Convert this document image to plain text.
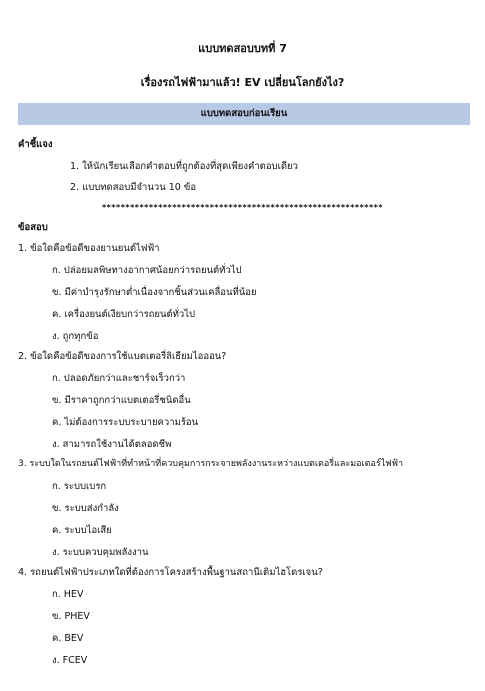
แบบทดสอบบทที่ 7
เรื่องรถไฟฟ้ามาแล้ว! EV เปลี่ยนโลกยังไง?
แบบทดสอบก่อนเรียน
คำชี้แจง
1. ให้นักเรียนเลือกคำตอบที่ถูกต้องที่สุดเพียงคำตอบเดียว
2. แบบทดสอบมีจำนวน 10 ข้อ
************************************************************
ข้อสอบ
1. ข้อใดคือข้อดีของยานยนต์ไฟฟ้า
ก. ปล่อยมลพิษทางอากาศน้อยกว่ารถยนต์ทั่วไป
ข. มีค่าบำรุงรักษาต่ำเนื่องจากชิ้นส่วนเคลื่อนที่น้อย
ค. เครื่องยนต์เงียบกว่ารถยนต์ทั่วไป
ง. ถูกทุกข้อ
2. ข้อใดคือข้อดีของการใช้แบตเตอรี่ลิเธียมไอออน?
ก. ปลอดภัยกว่าและชาร์จเร็วกว่า
ข. มีราคาถูกกว่าแบตเตอรี่ชนิดอื่น
ค. ไม่ต้องการระบบระบายความร้อน
ง. สามารถใช้งานได้ตลอดชีพ
3. ระบบใดในรถยนต์ไฟฟ้าที่ทำหน้าที่ควบคุมการกระจายพลังงานระหว่างแบตเตอรี่และมอเตอร์ไฟฟ้า
ก. ระบบเบรก
ข. ระบบส่งกำลัง
ค. ระบบไอเสีย
ง. ระบบควบคุมพลังงาน
4. รถยนต์ไฟฟ้าประเภทใดที่ต้องการโครงสร้างพื้นฐานสถานีเติมไฮโดรเจน?
ก. HEV
ข. PHEV
ค. BEV
ง. FCEV
